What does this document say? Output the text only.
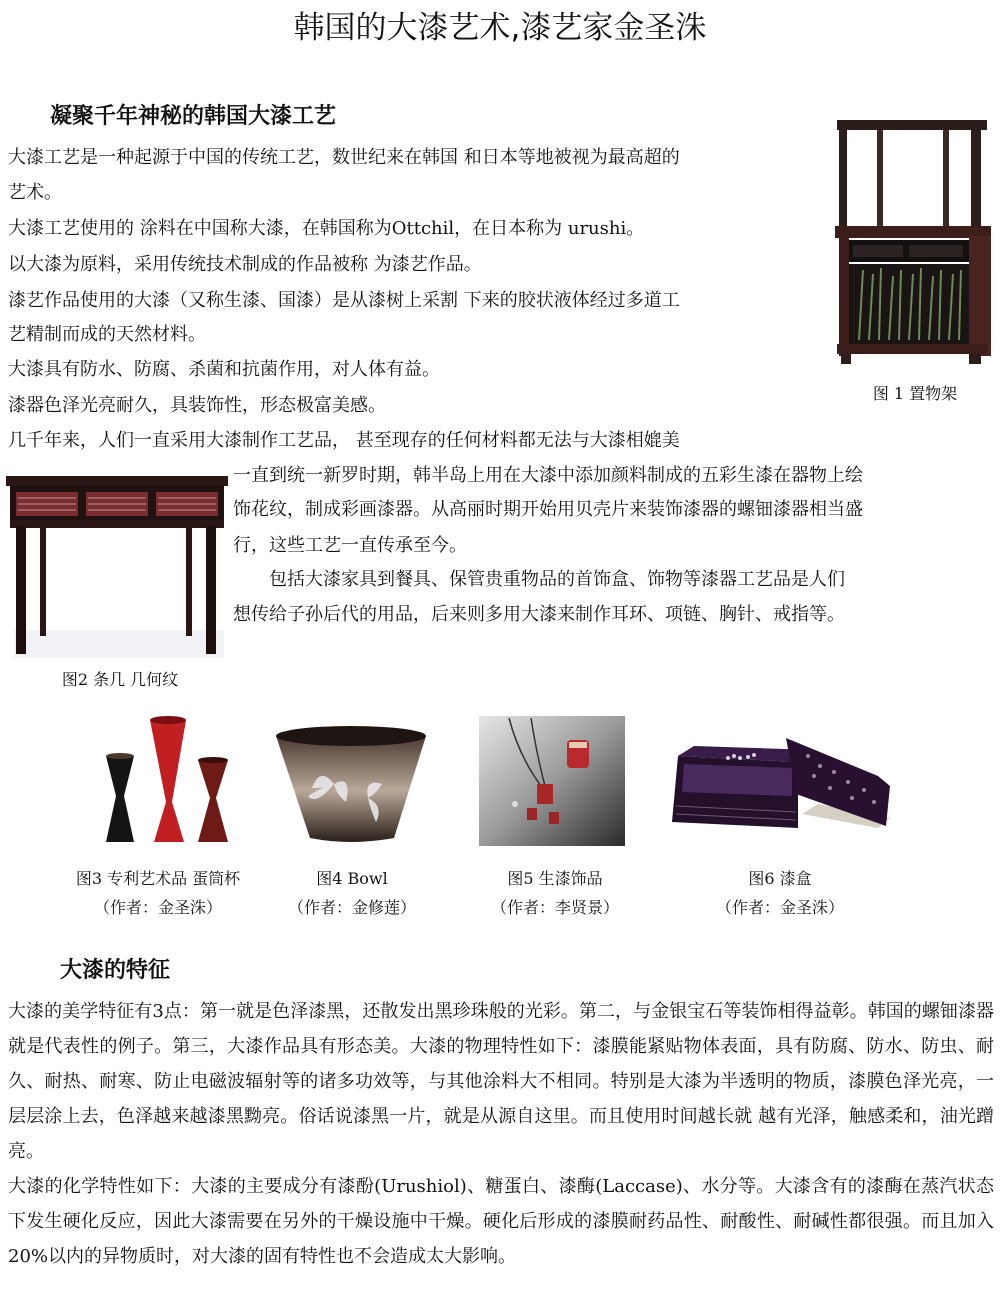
韩国的大漆艺术,漆艺家金圣洙
凝聚千年神秘的韩国大漆工艺
大漆工艺是一种起源于中国的传统工艺，数世纪来在韩国 和日本等地被视为最高超的
艺术。
大漆工艺使用的 涂料在中国称大漆，在韩国称为Ottchil，在日本称为 urushi。
以大漆为原料，采用传统技术制成的作品被称 为漆艺作品。
漆艺作品使用的大漆（又称生漆、国漆）是从漆树上采割 下来的胶状液体经过多道工
艺精制而成的天然材料。
大漆具有防水、防腐、杀菌和抗菌作用，对人体有益。
漆器色泽光亮耐久，具装饰性，形态极富美感。
几千年来，人们一直采用大漆制作工艺品， 甚至现存的任何材料都无法与大漆相媲美
一直到统一新罗时期，韩半岛上用在大漆中添加颜料制成的五彩生漆在器物上绘
饰花纹，制成彩画漆器。从高丽时期开始用贝壳片来装饰漆器的螺钿漆器相当盛
行，这些工艺一直传承至今。
　　包括大漆家具到餐具、保管贵重物品的首饰盒、饰物等漆器工艺品是人们
想传给子孙后代的用品，后来则多用大漆来制作耳环、项链、胸针、戒指等。
图 1 置物架
图2 条几 几何纹
图3 专利艺术品 蛋筒杯
（作者：金圣洙）
图4 Bowl
（作者：金修莲）
图5 生漆饰品
（作者：李贤景）
图6 漆盒
（作者：金圣洙）
大漆的特征
大漆的美学特征有3点：第一就是色泽漆黑，还散发出黑珍珠般的光彩。第二，与金银宝石等装饰相得益彰。韩国的螺钿漆器就是代表性的例子。第三，大漆作品具有形态美。大漆的物理特性如下：漆膜能紧贴物体表面，具有防腐、防水、防虫、耐久、耐热、耐寒、防止电磁波辐射等的诸多功效等，与其他涂料大不相同。特别是大漆为半透明的物质，漆膜色泽光亮，一层层涂上去，色泽越来越漆黑黝亮。俗话说漆黑一片，就是从源自这里。而且使用时间越长就 越有光泽，触感柔和，油光蹭亮。
大漆的化学特性如下：大漆的主要成分有漆酚(Urushiol)、糖蛋白、漆酶(Laccase)、水分等。大漆含有的漆酶在蒸汽状态下发生硬化反应，因此大漆需要在另外的干燥设施中干燥。硬化后形成的漆膜耐药品性、耐酸性、耐碱性都很强。而且加入20%以内的异物质时，对大漆的固有特性也不会造成太大影响。
